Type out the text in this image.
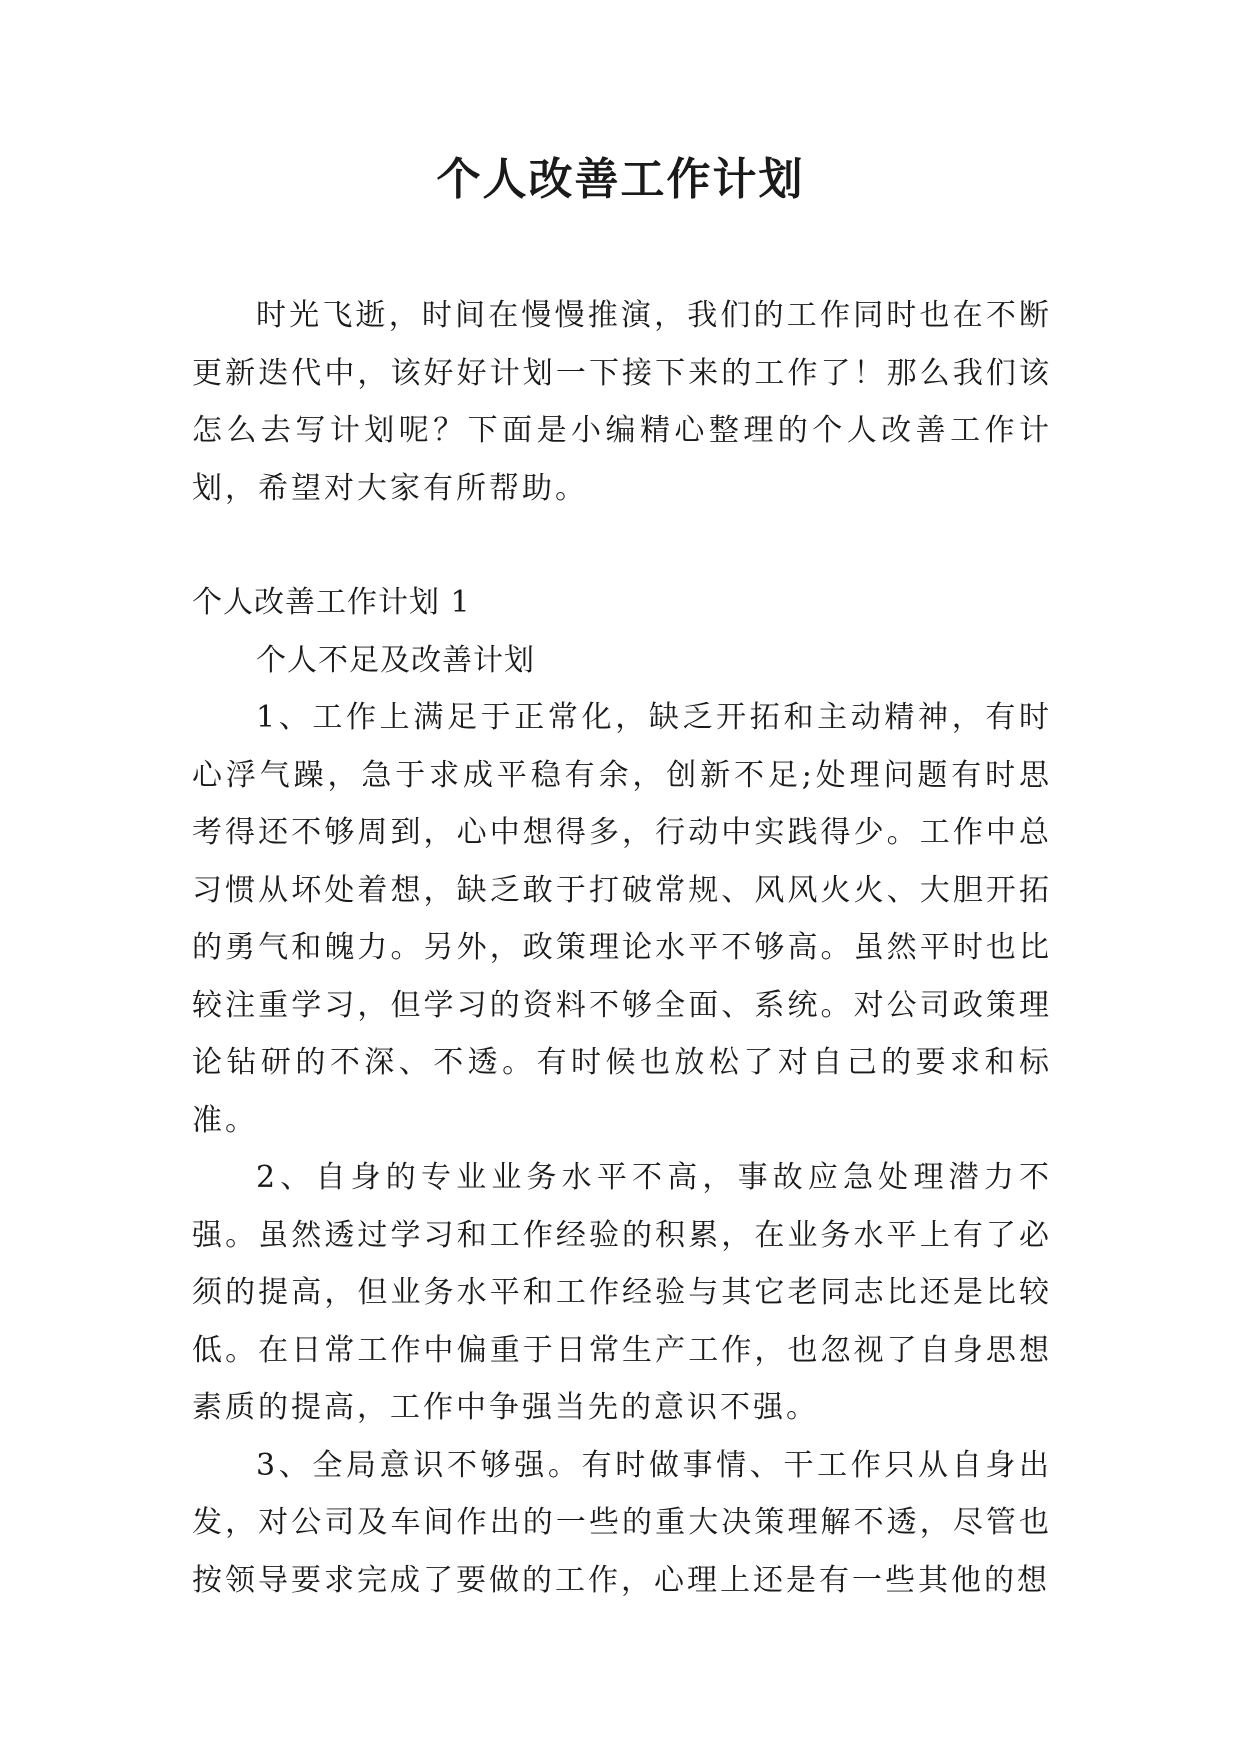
个人改善工作计划

时光飞逝，时间在慢慢推演，我们的工作同时也在不断更新迭代中，该好好计划一下接下来的工作了！那么我们该怎么去写计划呢？下面是小编精心整理的个人改善工作计划，希望对大家有所帮助。

个人改善工作计划 1

个人不足及改善计划

1、工作上满足于正常化，缺乏开拓和主动精神，有时心浮气躁，急于求成平稳有余，创新不足;处理问题有时思考得还不够周到，心中想得多，行动中实践得少。工作中总习惯从坏处着想，缺乏敢于打破常规、风风火火、大胆开拓的勇气和魄力。另外，政策理论水平不够高。虽然平时也比较注重学习，但学习的资料不够全面、系统。对公司政策理论钻研的不深、不透。有时候也放松了对自己的要求和标准。

2、自身的专业业务水平不高，事故应急处理潜力不强。虽然透过学习和工作经验的积累，在业务水平上有了必须的提高，但业务水平和工作经验与其它老同志比还是比较低。在日常工作中偏重于日常生产工作，也忽视了自身思想素质的提高，工作中争强当先的意识不强。

3、全局意识不够强。有时做事情、干工作只从自身出发，对公司及车间作出的一些的重大决策理解不透，尽管也按领导要求完成了要做的工作，心理上还是有一些其他的想
